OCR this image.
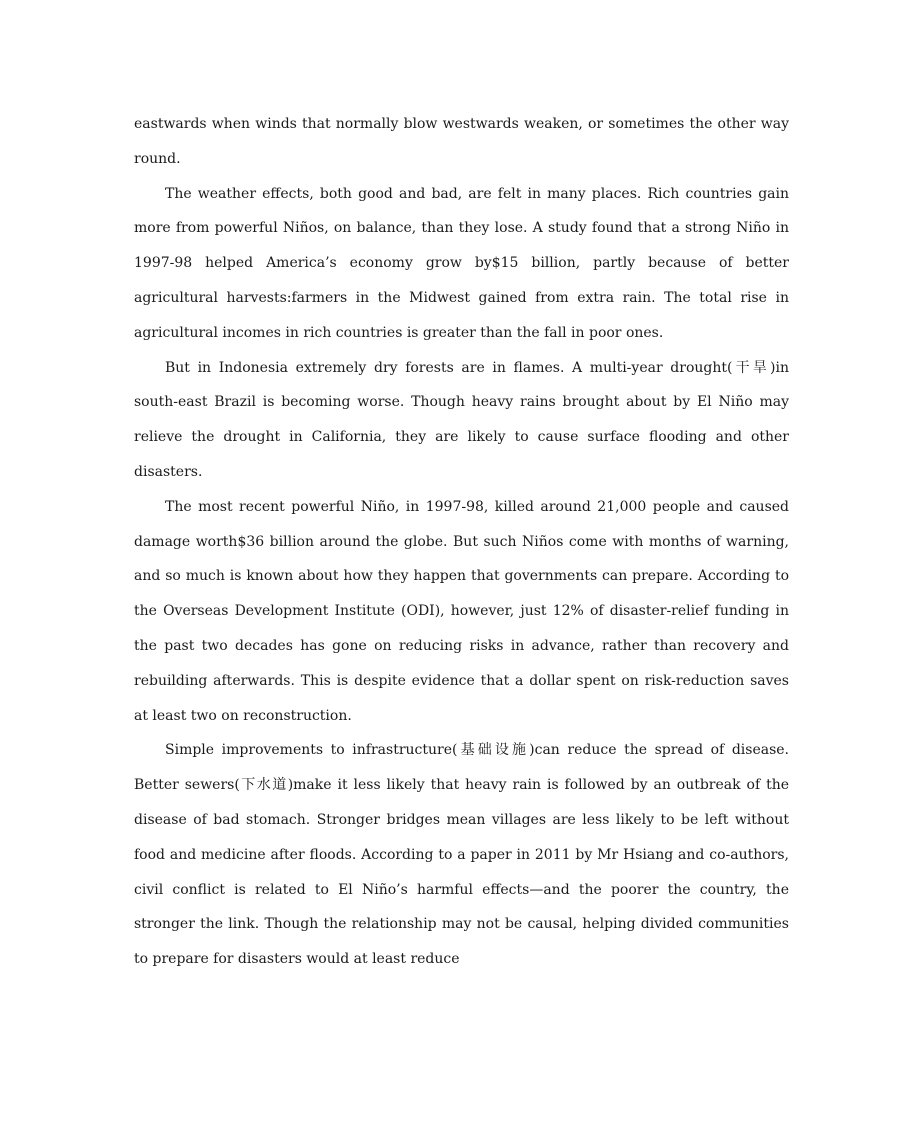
eastwards when winds that normally blow westwards weaken, or sometimes the other way round.

The weather effects, both good and bad, are felt in many places. Rich countries gain more from powerful Niños, on balance, than they lose. A study found that a strong Niño in 1997-98 helped America’s economy grow by$15 billion, partly because of better agricultural harvests:farmers in the Midwest gained from extra rain. The total rise in agricultural incomes in rich countries is greater than the fall in poor ones.

But in Indonesia extremely dry forests are in flames. A multi-year drought(干旱)in south-east Brazil is becoming worse. Though heavy rains brought about by El Niño may relieve the drought in California, they are likely to cause surface flooding and other disasters.

The most recent powerful Niño, in 1997-98, killed around 21,000 people and caused damage worth$36 billion around the globe. But such Niños come with months of warning, and so much is known about how they happen that governments can prepare. According to the Overseas Development Institute (ODI), however, just 12% of disaster-relief funding in the past two decades has gone on reducing risks in advance, rather than recovery and rebuilding afterwards. This is despite evidence that a dollar spent on risk-reduction saves at least two on reconstruction.

Simple improvements to infrastructure(基础设施)can reduce the spread of disease. Better sewers(下水道)make it less likely that heavy rain is followed by an outbreak of the disease of bad stomach. Stronger bridges mean villages are less likely to be left without food and medicine after floods. According to a paper in 2011 by Mr Hsiang and co-authors, civil conflict is related to El Niño’s harmful effects—and the poorer the country, the stronger the link. Though the relationship may not be causal, helping divided communities to prepare for disasters would at least reduce
